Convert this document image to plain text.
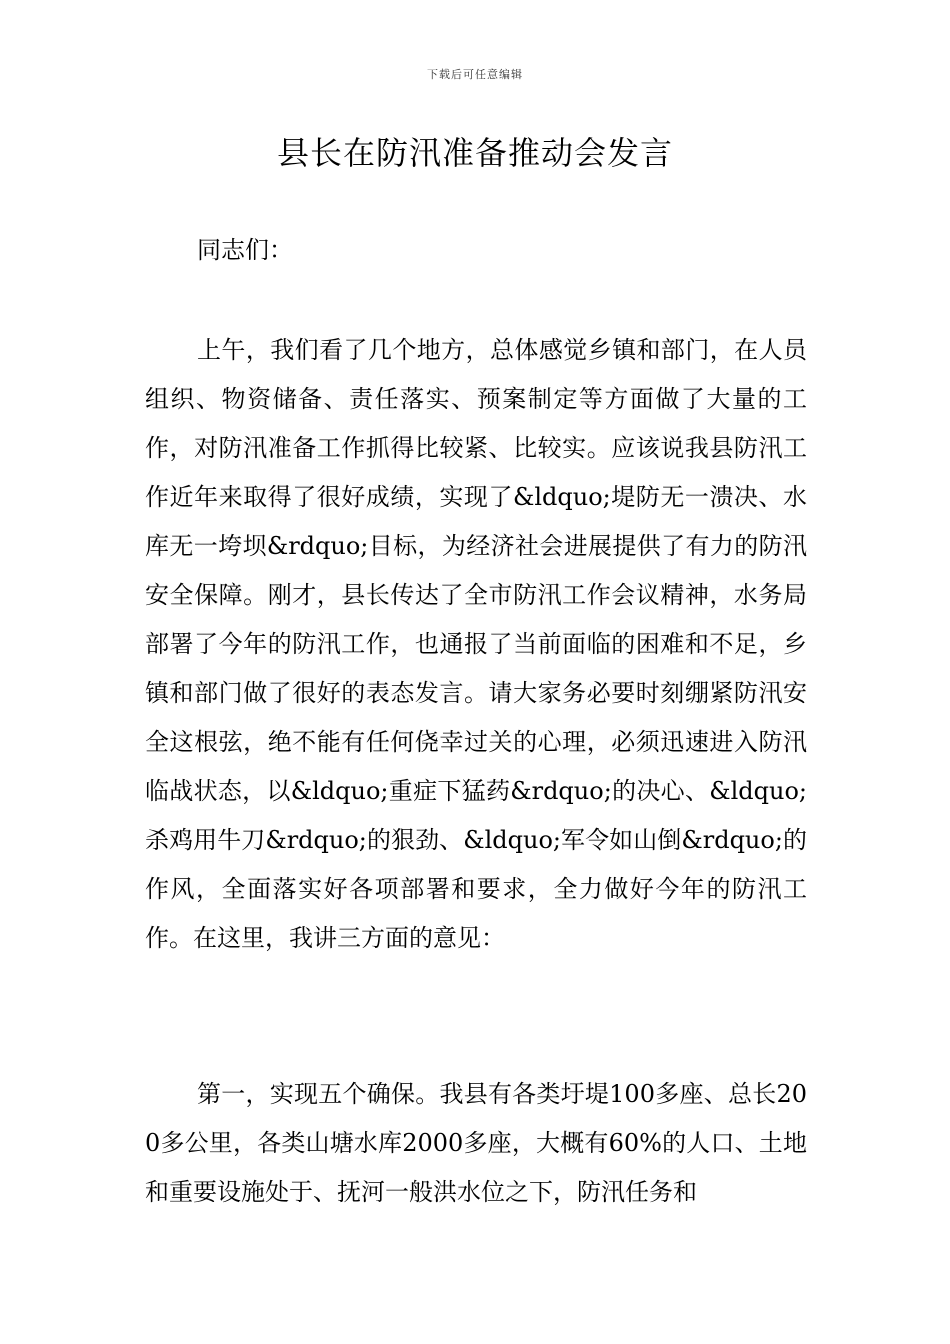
下载后可任意编辑
县长在防汛准备推动会发言
同志们：
上午，我们看了几个地方，总体感觉乡镇和部门，在人员组织、物资储备、责任落实、预案制定等方面做了大量的工作，对防汛准备工作抓得比较紧、比较实。应该说我县防汛工作近年来取得了很好成绩，实现了&ldquo;堤防无一溃决、水库无一垮坝&rdquo;目标，为经济社会进展提供了有力的防汛安全保障。刚才，县长传达了全市防汛工作会议精神，水务局部署了今年的防汛工作，也通报了当前面临的困难和不足，乡镇和部门做了很好的表态发言。请大家务必要时刻绷紧防汛安全这根弦，绝不能有任何侥幸过关的心理，必须迅速进入防汛临战状态，以&ldquo;重症下猛药&rdquo;的决心、&ldquo;杀鸡用牛刀&rdquo;的狠劲、&ldquo;军令如山倒&rdquo;的作风，全面落实好各项部署和要求，全力做好今年的防汛工作。在这里，我讲三方面的意见：
第一，实现五个确保。我县有各类圩堤100多座、总长200多公里，各类山塘水库2000多座，大概有60%的人口、土地和重要设施处于、抚河一般洪水位之下，防汛任务和
